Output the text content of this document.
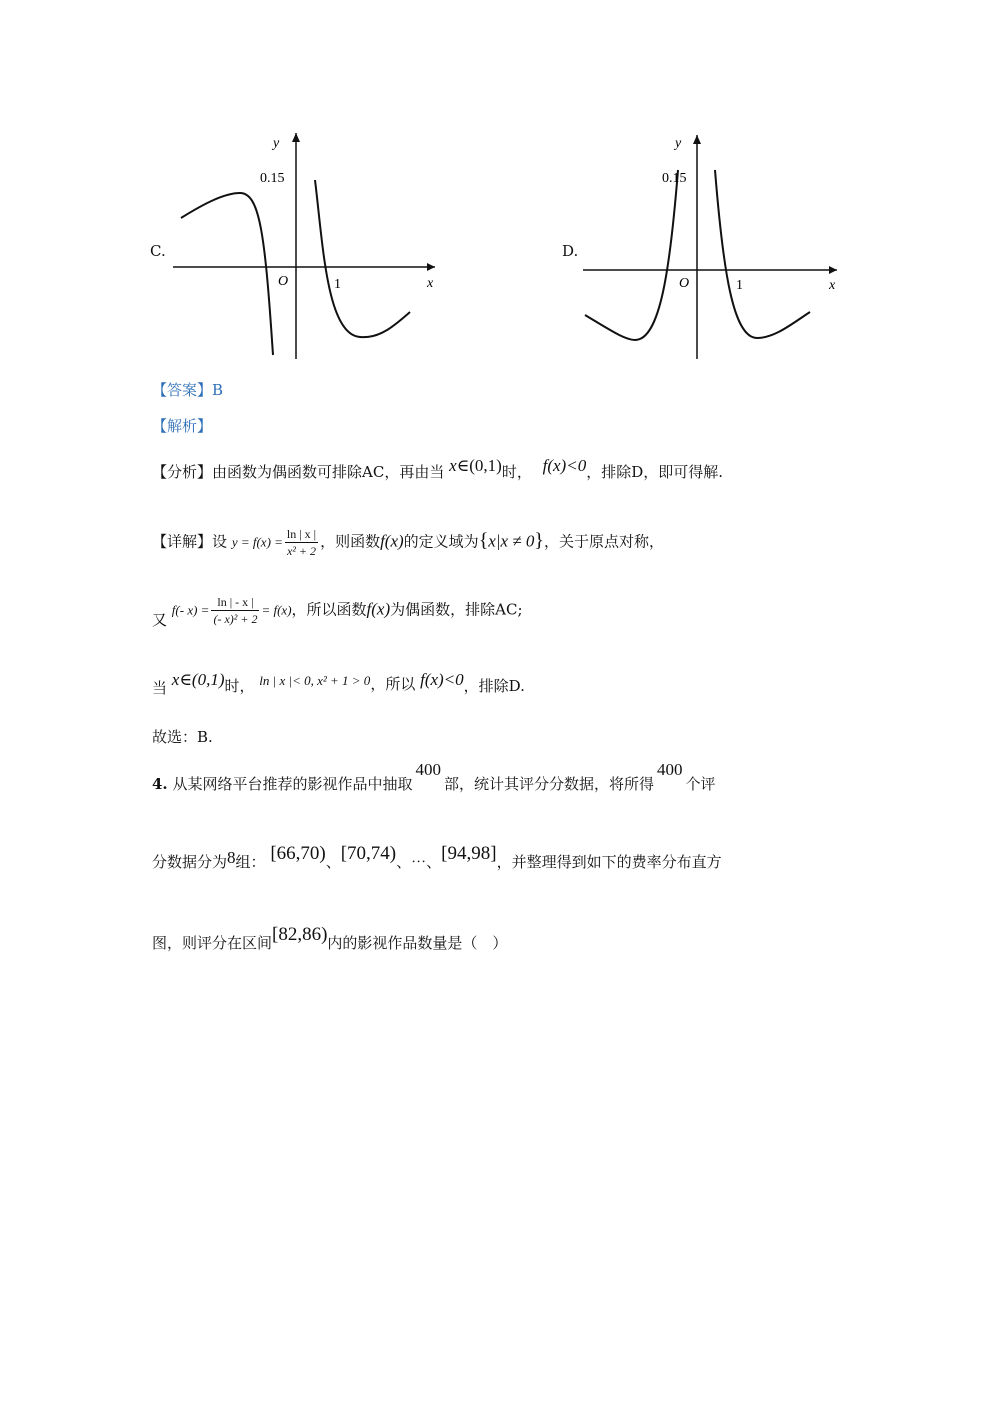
C.
0.15
y
x
O	1
D.
0.15
y
x
O	1
【答案】B
【解析】
【分析】由函数为偶函数可排除AC，再由当 x∈(0,1)时， f(x)<0，排除D，即可得解.
【详解】设 $y = f(x) = \frac{\ln | x |}{\text{x² + 2}}$ ，则函数f(x)的定义域为{x|x ≠ 0}，关于原点对称，
又 f(- $x) = \frac{\ln | - x |}{\text{(- x)² + 2}} = f(x)$，所以函数f(x)为偶函数，排除AC;
当 x∈(0,1)时， ln | x |< 0, x² + 1 > 0，所以 f(x)<0，排除D.
故选：B.
4. 从某网络平台推荐的影视作品中抽取400部，统计其评分分数据，将所得400个评
分数据分为8组： [66,70)、[70,74)、⋯、[94,98]，并整理得到如下的费率分布直方
图，则评分在区间[82,86)内的影视作品数量是（　）
